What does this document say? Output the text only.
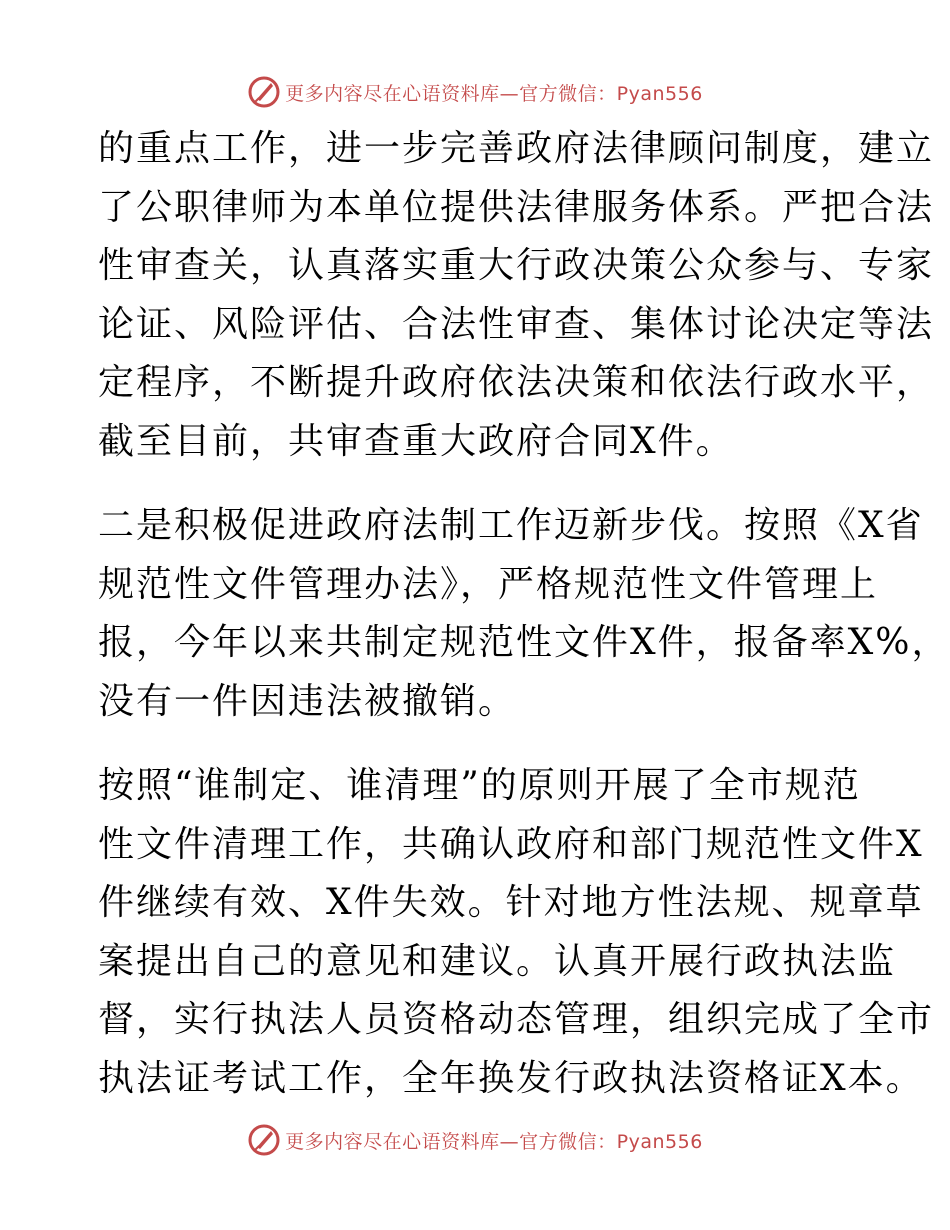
更多内容尽在心语资料库—官方微信：Pyan556

的重点工作，进一步完善政府法律顾问制度，建立
了公职律师为本单位提供法律服务体系。严把合法
性审查关，认真落实重大行政决策公众参与、专家
论证、风险评估、合法性审查、集体讨论决定等法
定程序，不断提升政府依法决策和依法行政水平，
截至目前，共审查重大政府合同X件。

二是积极促进政府法制工作迈新步伐。按照《X省
规范性文件管理办法》，严格规范性文件管理上
报，今年以来共制定规范性文件X件，报备率X%，
没有一件因违法被撤销。

按照“谁制定、谁清理”的原则开展了全市规范
性文件清理工作，共确认政府和部门规范性文件X
件继续有效、X件失效。针对地方性法规、规章草
案提出自己的意见和建议。认真开展行政执法监
督，实行执法人员资格动态管理，组织完成了全市
执法证考试工作，全年换发行政执法资格证X本。

更多内容尽在心语资料库—官方微信：Pyan556
